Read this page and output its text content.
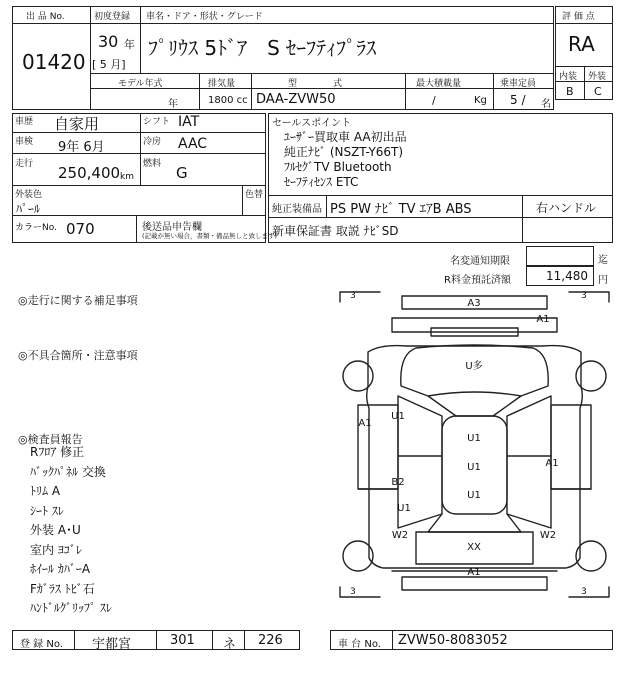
出 品 No.
01420
初度登録 車名・ドア・形状・グレード
30 年
[ 5 月]
ﾌﾟﾘｳｽ 5ﾄﾞｱ　S ｾｰﾌﾃｨﾌﾟﾗｽ
モデル年式
年
排気量
1800 cc
型　　　　式
DAA-ZVW50
最大積載量
/	Kg
乗車定員
5 / 名
評 価 点
RA
内装 外装
B C
車歴 自家用
車検 9年 6月
走行 250,400 km
シフト IAT
冷房 AAC
燃料 G
外装色
ﾊﾟｰﾙ
色替
カラーNo. 070	後送品申告欄
(記載が無い場合，書類・備品無しと致します)
セールスポイント
ﾕｰｻﾞｰ買取車 AA初出品
純正ﾅﾋﾞ (NSZT-Y66T)
ﾌﾙｾｸﾞTV Bluetooth
ｾｰﾌﾃｨｾﾝｽ ETC
純正装備品 PS PW ﾅﾋﾞ TV ｴｱB ABS	右ハンドル
新車保証書 取説 ﾅﾋﾞSD
名変通知期限	迄
R料金預託済額	11,480 円
◎走行に関する補足事項
◎不具合箇所・注意事項
◎検査員報告
Rﾌﾛｱ 修正
ﾊﾞｯｸﾊﾟﾈﾙ 交換
ﾄﾘﾑ A
ｼｰﾄ ｽﾚ
外装 A･U
室内 ﾖｺﾞﾚ
ﾎｲｰﾙ ｶﾊﾞｰA
Fｶﾞﾗｽ ﾄﾋﾞ石
ﾊﾝﾄﾞﾙｸﾞﾘｯﾌﾟ ｽﾚ
3	3
3	3
A3
A1
U多
A1
U1
B2
U1
W2
U1
U1
U1
A1
W2
XX
A1
登 録 No. 宇都宮	301 ネ 226	車 台 No. ZVW50-8083052
